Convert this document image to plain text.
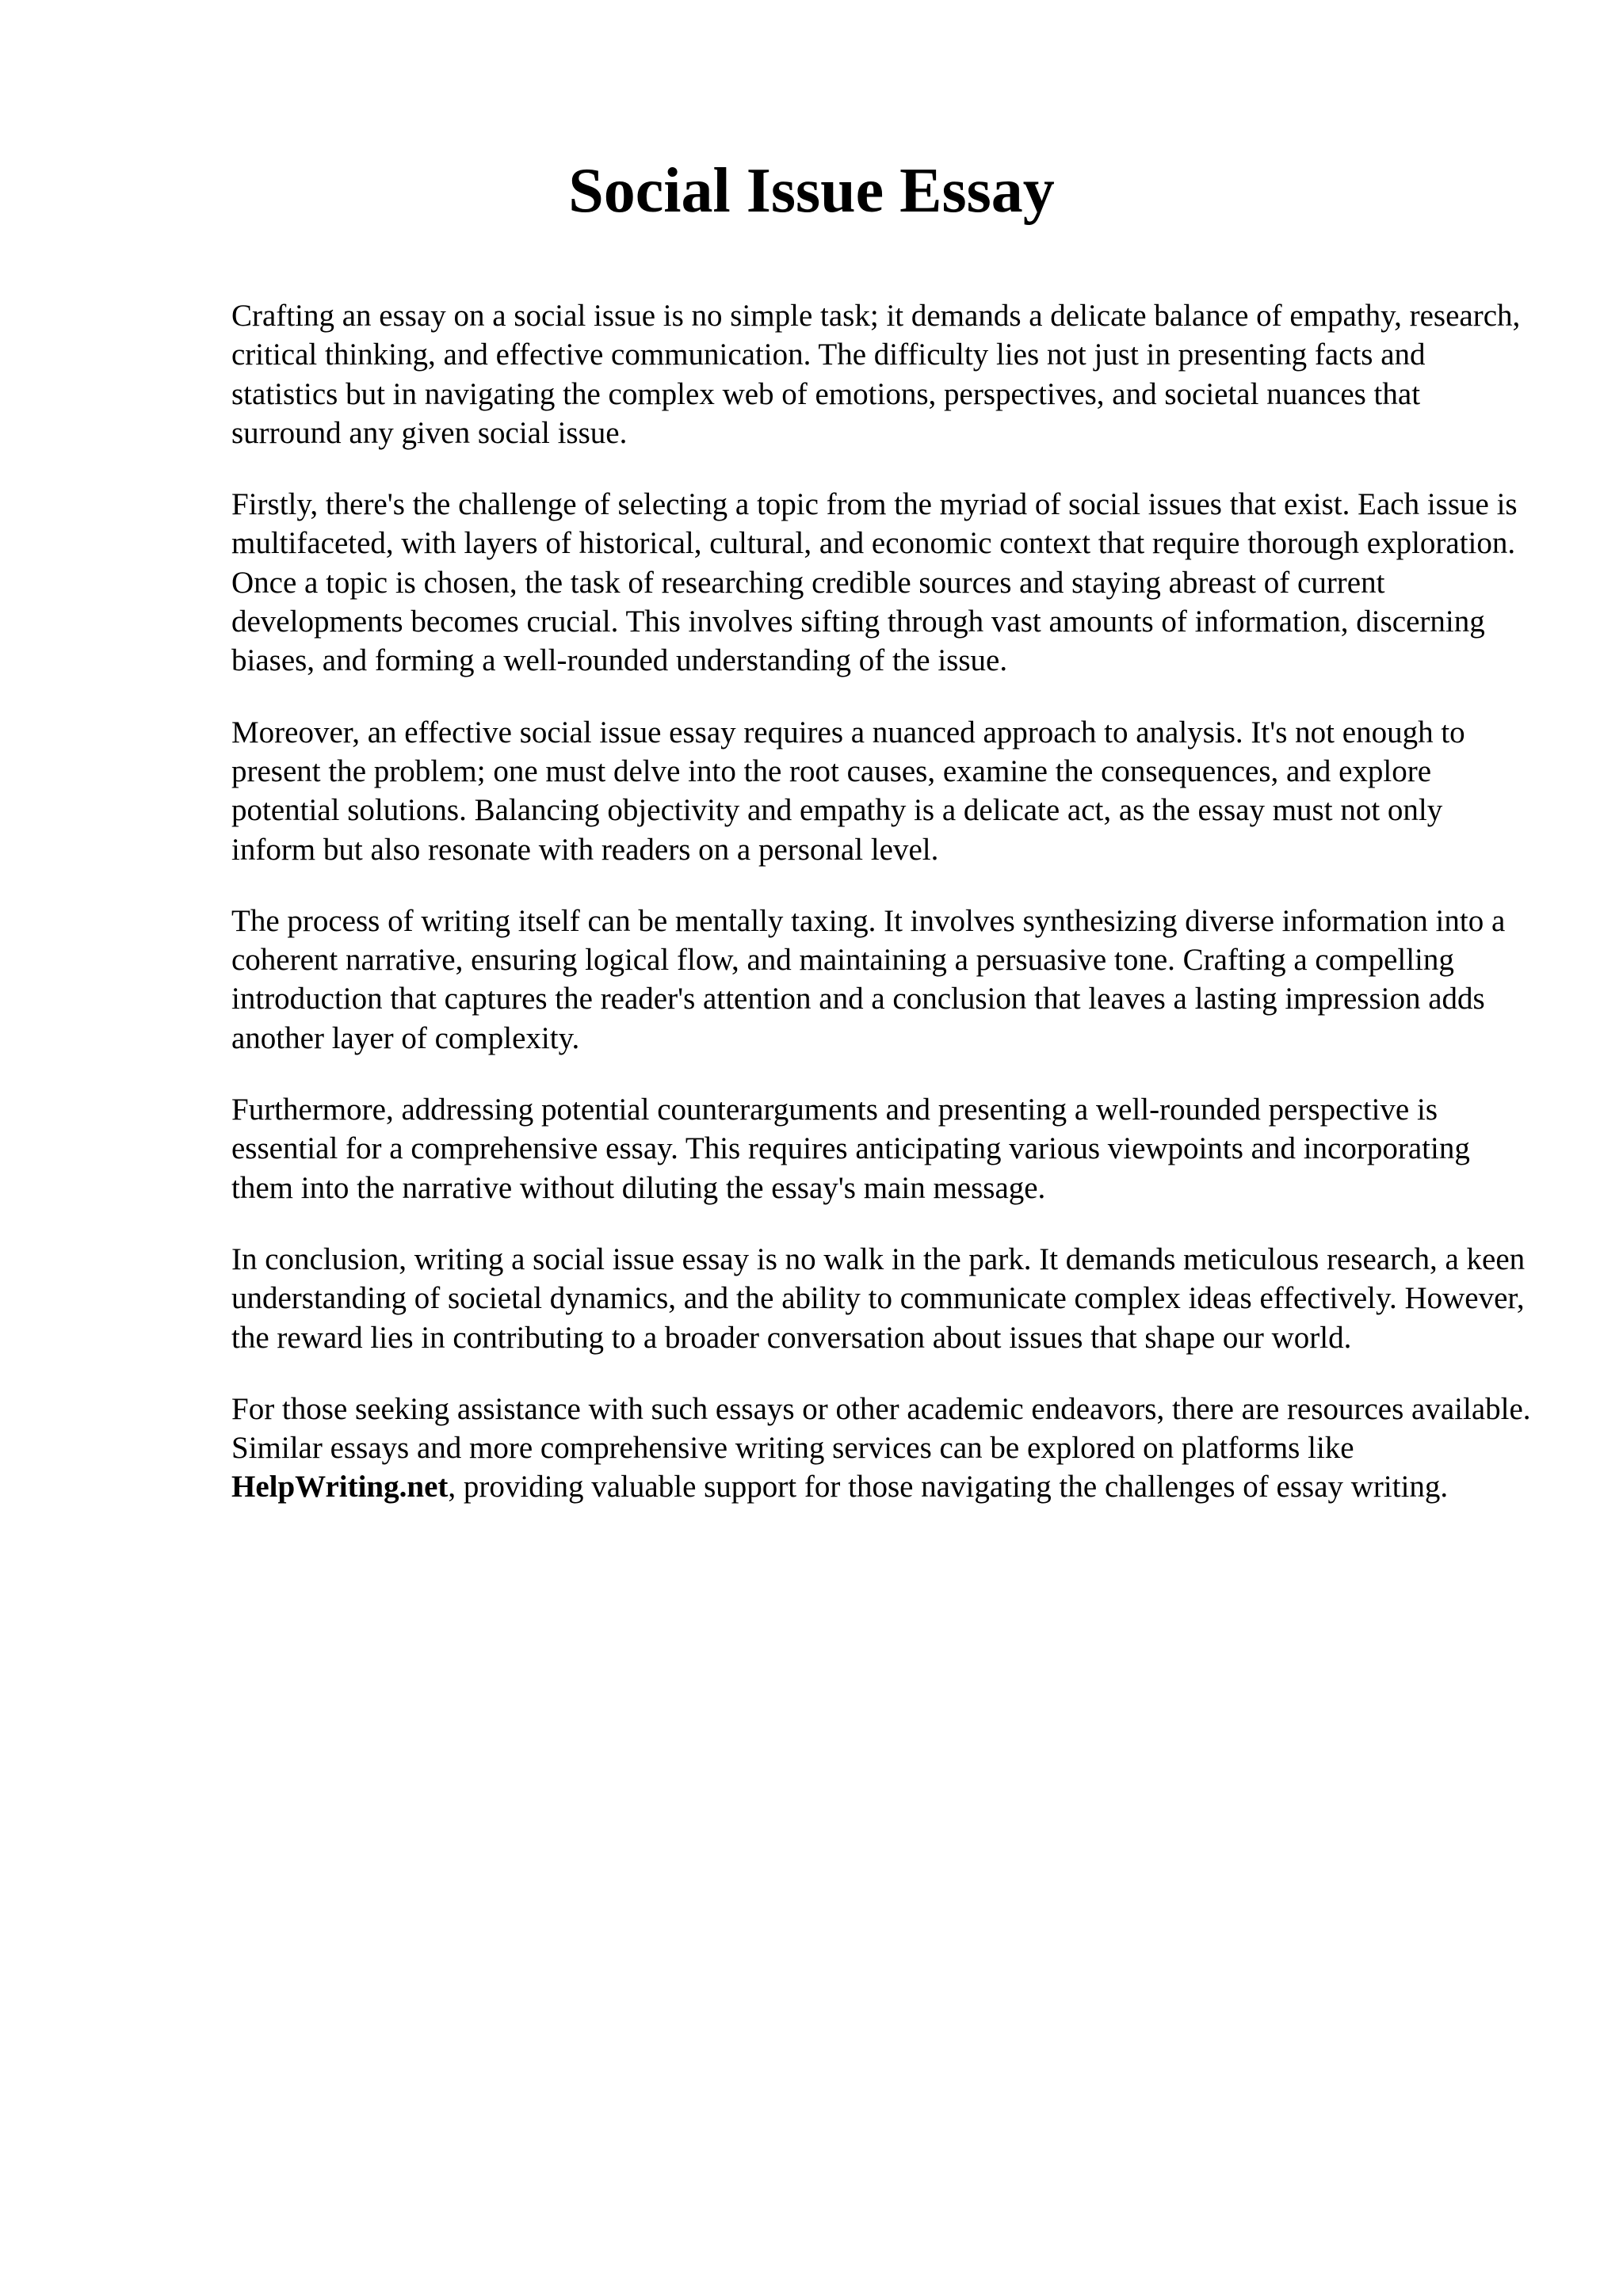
Social Issue Essay

Crafting an essay on a social issue is no simple task; it demands a delicate balance of empathy, research, critical thinking, and effective communication. The difficulty lies not just in presenting facts and statistics but in navigating the complex web of emotions, perspectives, and societal nuances that surround any given social issue.

Firstly, there's the challenge of selecting a topic from the myriad of social issues that exist. Each issue is multifaceted, with layers of historical, cultural, and economic context that require thorough exploration. Once a topic is chosen, the task of researching credible sources and staying abreast of current developments becomes crucial. This involves sifting through vast amounts of information, discerning biases, and forming a well-rounded understanding of the issue.

Moreover, an effective social issue essay requires a nuanced approach to analysis. It's not enough to present the problem; one must delve into the root causes, examine the consequences, and explore potential solutions. Balancing objectivity and empathy is a delicate act, as the essay must not only inform but also resonate with readers on a personal level.

The process of writing itself can be mentally taxing. It involves synthesizing diverse information into a coherent narrative, ensuring logical flow, and maintaining a persuasive tone. Crafting a compelling introduction that captures the reader's attention and a conclusion that leaves a lasting impression adds another layer of complexity.

Furthermore, addressing potential counterarguments and presenting a well-rounded perspective is essential for a comprehensive essay. This requires anticipating various viewpoints and incorporating them into the narrative without diluting the essay's main message.

In conclusion, writing a social issue essay is no walk in the park. It demands meticulous research, a keen understanding of societal dynamics, and the ability to communicate complex ideas effectively. However, the reward lies in contributing to a broader conversation about issues that shape our world.

For those seeking assistance with such essays or other academic endeavors, there are resources available. Similar essays and more comprehensive writing services can be explored on platforms like HelpWriting.net, providing valuable support for those navigating the challenges of essay writing.
